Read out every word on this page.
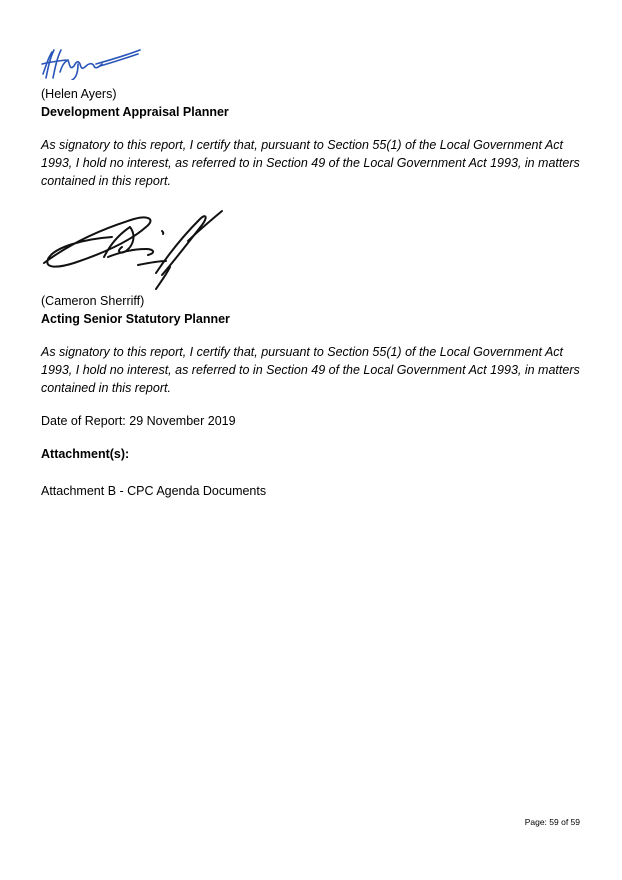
(Helen Ayers)

Development Appraisal Planner

As signatory to this report, I certify that, pursuant to Section 55(1) of the Local Government Act
1993, I hold no interest, as referred to in Section 49 of the Local Government Act 1993, in matters
contained in this report.

(Cameron Sherriff)

Acting Senior Statutory Planner

As signatory to this report, I certify that, pursuant to Section 55(1) of the Local Government Act
1993, I hold no interest, as referred to in Section 49 of the Local Government Act 1993, in matters
contained in this report.

Date of Report: 29 November 2019

Attachment(s):

Attachment B - CPC Agenda Documents

Page: 59 of 59
